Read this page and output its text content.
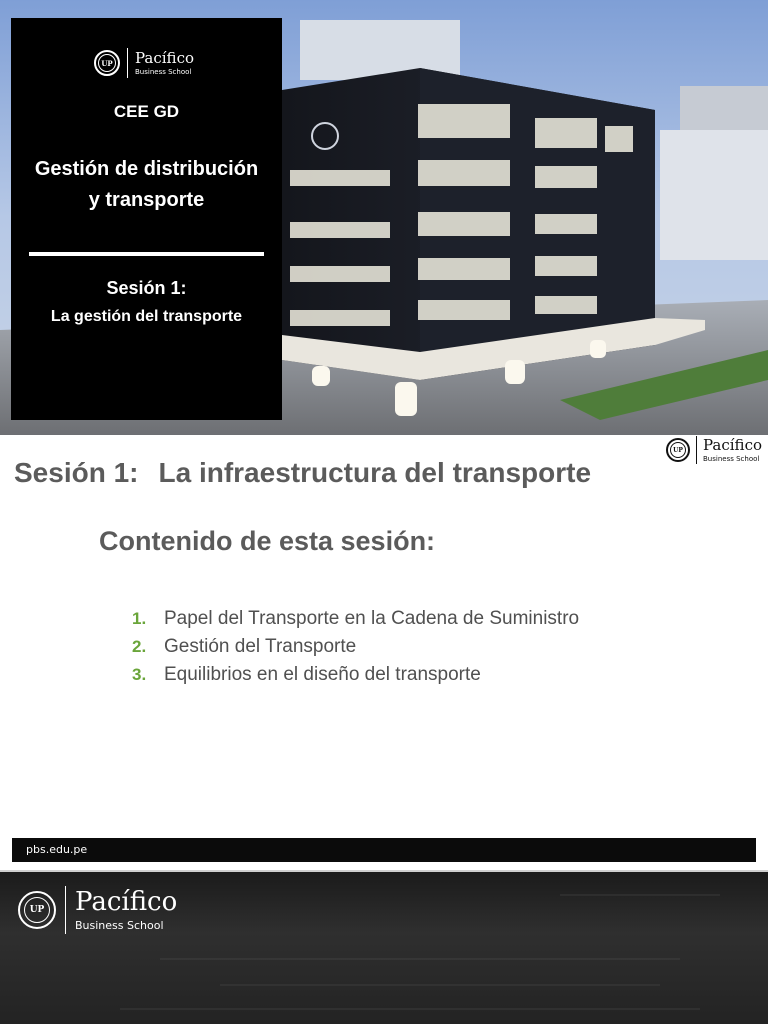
UP Pacífico
Business School
CEE GD
Gestión de distribución
y transporte
Sesión 1:
La gestión del transporte
UP Pacífico
Business School
Sesión 1: La infraestructura del transporte
Contenido de esta sesión:
1. Papel del Transporte en la Cadena de Suministro
2. Gestión del Transporte
3. Equilibrios en el diseño del transporte
pbs.edu.pe
UP Pacífico
Business School
